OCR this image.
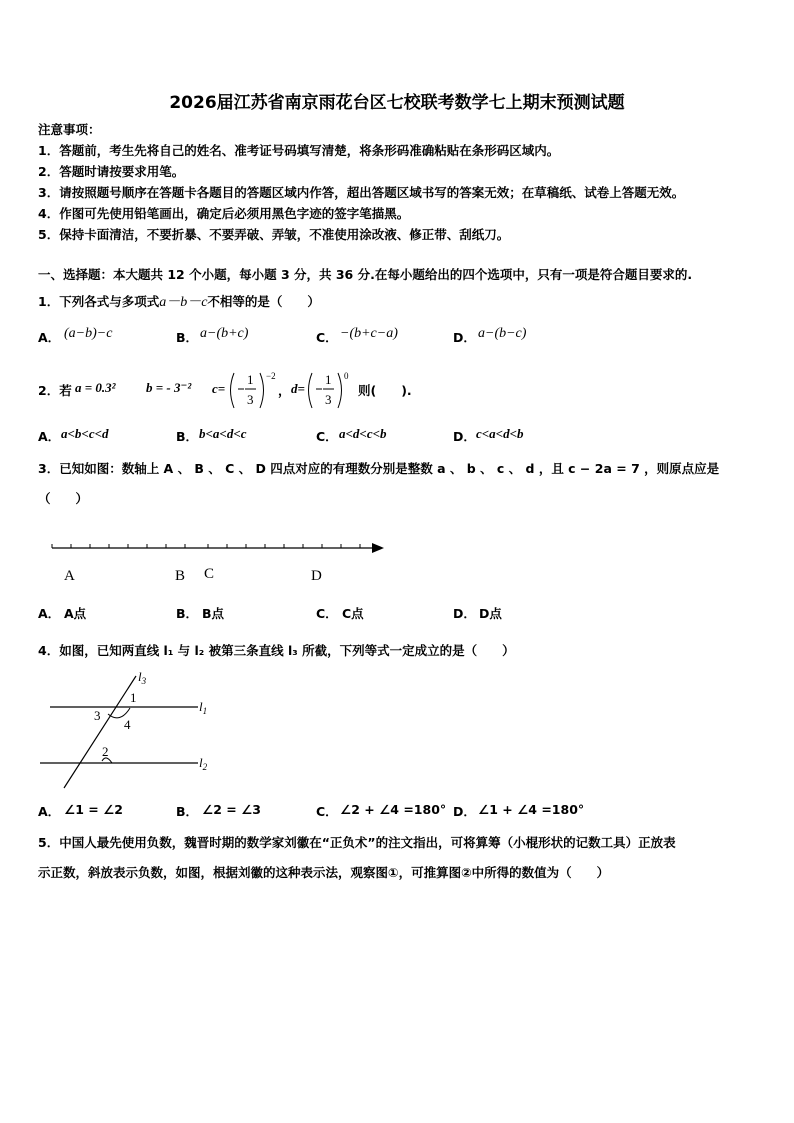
2026届江苏省南京雨花台区七校联考数学七上期末预测试题
注意事项：
1．答题前，考生先将自己的姓名、准考证号码填写清楚，将条形码准确粘贴在条形码区域内。
2．答题时请按要求用笔。
3．请按照题号顺序在答题卡各题目的答题区域内作答，超出答题区域书写的答案无效；在草稿纸、试卷上答题无效。
4．作图可先使用铅笔画出，确定后必须用黑色字迹的签字笔描黑。
5．保持卡面清洁，不要折暴、不要弄破、弄皱，不准使用涂改液、修正带、刮纸刀。
一、选择题：本大题共 12 个小题，每小题 3 分，共 36 分.在每小题给出的四个选项中，只有一项是符合题目要求的.
1．下列各式与多项式a－b－c不相等的是（　　）
A． (a−b)−c	B． a−(b+c)	C． −(b+c−a)	D． a−(b−c)
2．若 a = 0.3² b = - 3⁻² c=
1
3
−2
， d=
1
3
0
则(　　).
A． a<b<c<d	B． b<a<d<c	C． a<d<c<b	D． c<a<d<b
3．已知如图：数轴上 A 、 B 、 C 、 D 四点对应的有理数分别是整数 a 、 b 、 c 、 d ，且 c − 2a = 7 ，则原点应是
（　　）
A	B C	D
A． A点	B． B点	C． C点	D． D点
4．如图，已知两直线 l₁ 与 l₂ 被第三条直线 l₃ 所截，下列等式一定成立的是（　　）
$l_3$
$l_1$
$l_2$
1
3
4
2
A． ∠1 = ∠2	B． ∠2 = ∠3	C． ∠2 + ∠4 =180° D． ∠1 + ∠4 =180°
5．中国人最先使用负数，魏晋时期的数学家刘徽在“正负术”的注文指出，可将算筹（小棍形状的记数工具）正放表
示正数，斜放表示负数，如图，根据刘徽的这种表示法，观察图①，可推算图②中所得的数值为（　　）
